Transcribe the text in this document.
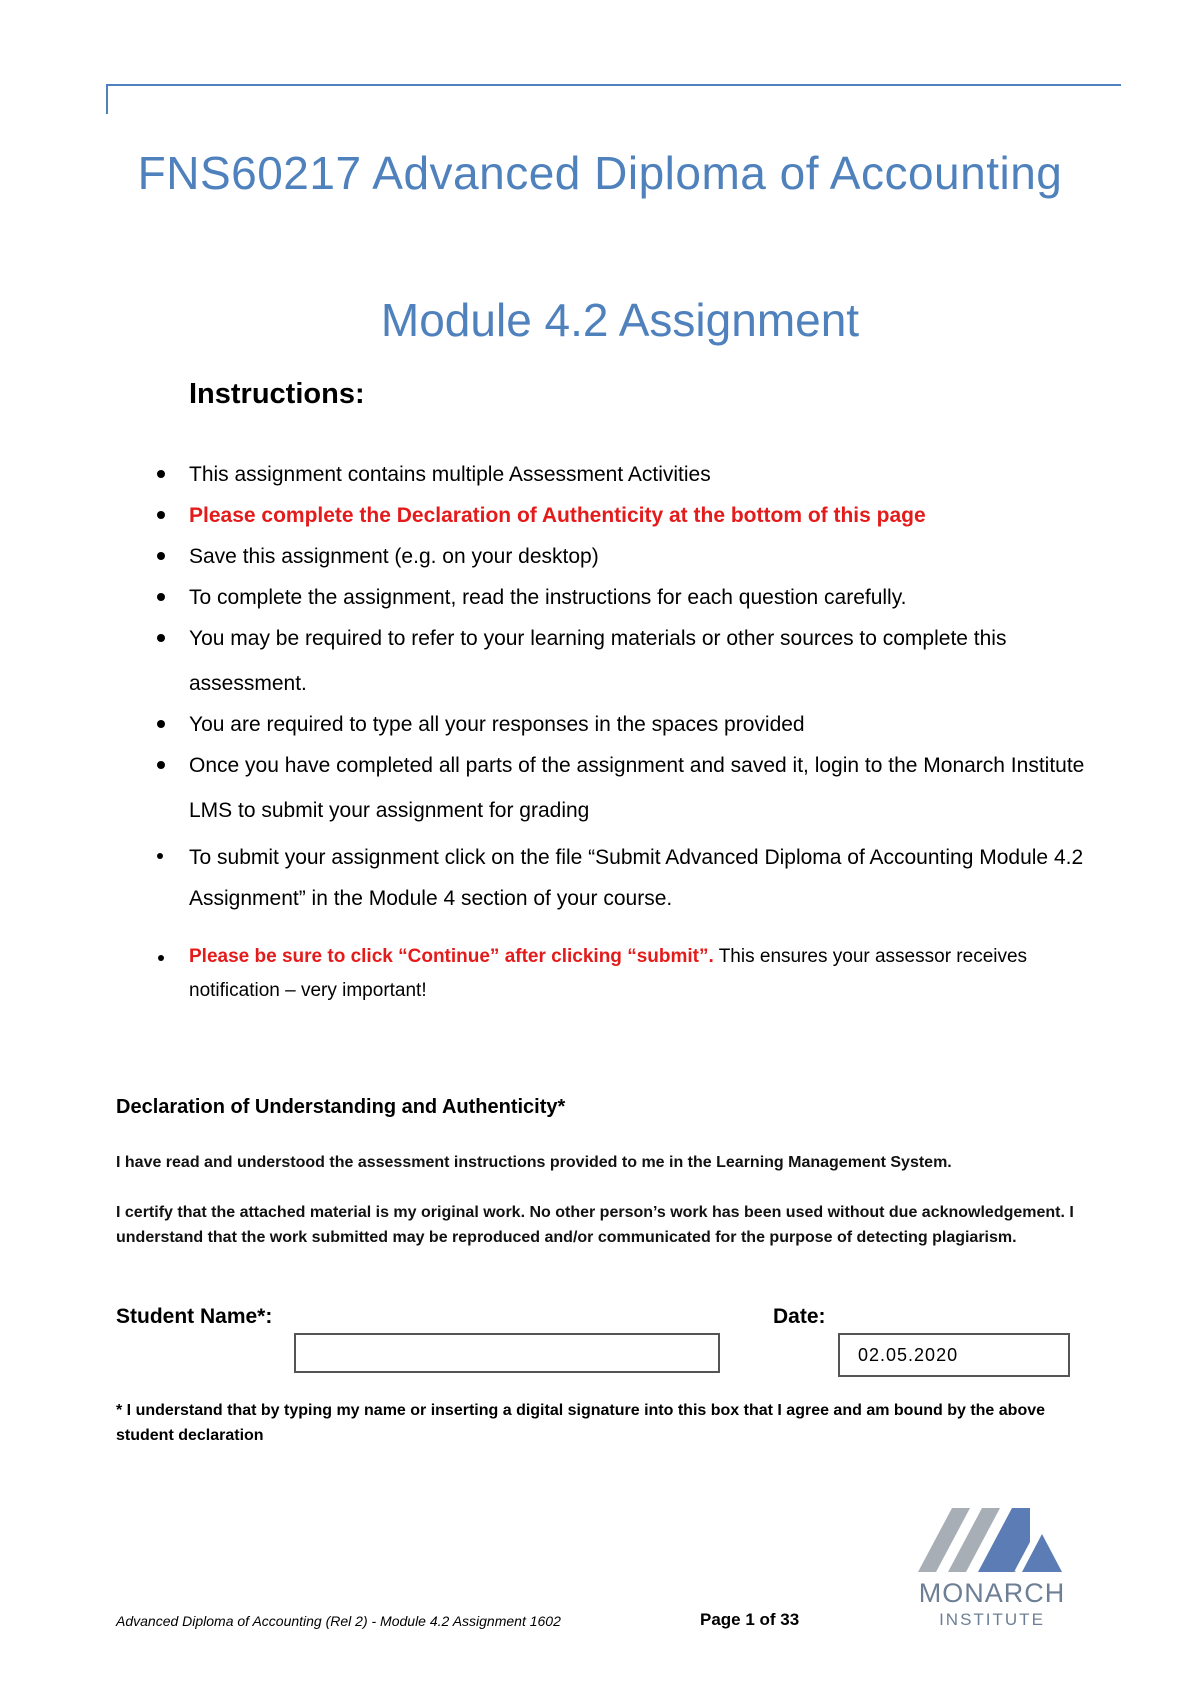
FNS60217 Advanced Diploma of Accounting
Module 4.2 Assignment
Instructions:
This assignment contains multiple Assessment Activities
Please complete the Declaration of Authenticity at the bottom of this page
Save this assignment (e.g. on your desktop)
To complete the assignment, read the instructions for each question carefully.
You may be required to refer to your learning materials or other sources to complete this assessment.
You are required to type all your responses in the spaces provided
Once you have completed all parts of the assignment and saved it, login to the Monarch Institute LMS to submit your assignment for grading
To submit your assignment click on the file “Submit Advanced Diploma of Accounting Module 4.2 Assignment” in the Module 4 section of your course.
Please be sure to click “Continue” after clicking “submit”. This ensures your assessor receives notification – very important!
Declaration of Understanding and Authenticity*

I have read and understood the assessment instructions provided to me in the Learning Management System.

I certify that the attached material is my original work. No other person’s work has been used without due acknowledgement. I understand that the work submitted may be reproduced and/or communicated for the purpose of detecting plagiarism.

Student Name*:	Date:
02.05.2020

* I understand that by typing my name or inserting a digital signature into this box that I agree and am bound by the above student declaration

MONARCH
INSTITUTE
Advanced Diploma of Accounting (Rel 2) - Module 4.2 Assignment 1602	Page 1 of 33
